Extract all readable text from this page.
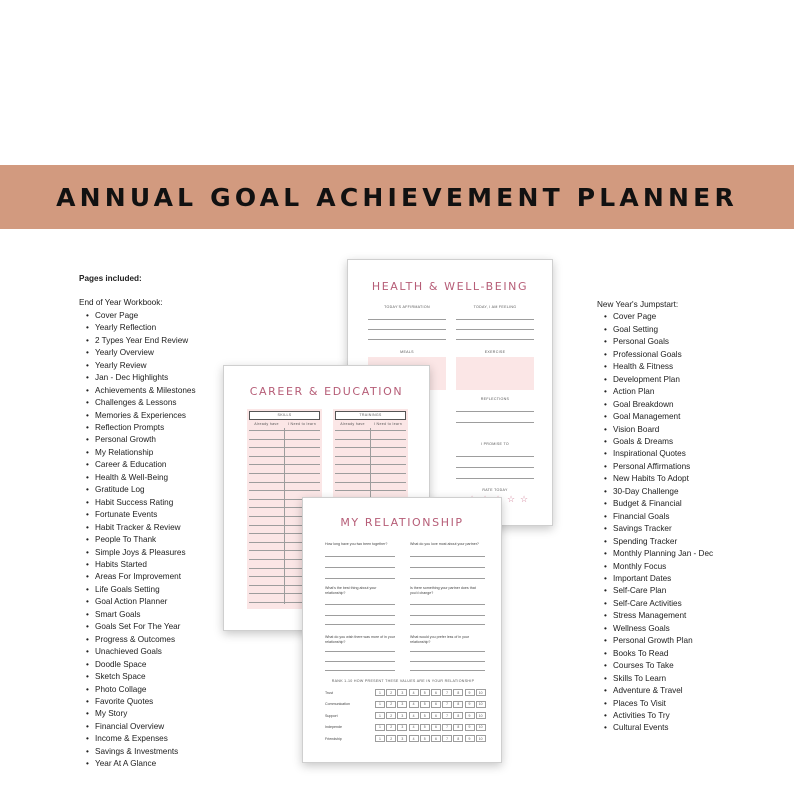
ANNUAL GOAL ACHIEVEMENT PLANNER
Pages included:
End of Year Workbook:
• Cover Page
• Yearly Reflection
• 2 Types Year End Review
• Yearly Overview
• Yearly Review
• Jan - Dec Highlights
• Achievements & Milestones
• Challenges & Lessons
• Memories & Experiences
• Reflection Prompts
• Personal Growth
• My Relationship
• Career & Education
• Health & Well-Being
• Gratitude Log
• Habit Success Rating
• Fortunate Events
• Habit Tracker & Review
• People To Thank
• Simple Joys & Pleasures
• Habits Started
• Areas For Improvement
• Life Goals Setting
• Goal Action Planner
• Smart Goals
• Goals Set For The Year
• Progress & Outcomes
• Unachieved Goals
• Doodle Space
• Sketch Space
• Photo Collage
• Favorite Quotes
• My Story
• Financial Overview
• Income & Expenses
• Savings & Investments
• Year At A Glance
New Year's Jumpstart:
• Cover Page
• Goal Setting
• Personal Goals
• Professional Goals
• Health & Fitness
• Development Plan
• Action Plan
• Goal Breakdown
• Goal Management
• Vision Board
• Goals & Dreams
• Inspirational Quotes
• Personal Affirmations
• New Habits To Adopt
• 30-Day Challenge
• Budget & Financial
• Financial Goals
• Savings Tracker
• Spending Tracker
• Monthly Planning Jan - Dec
• Monthly Focus
• Important Dates
• Self-Care Plan
• Self-Care Activities
• Stress Management
• Wellness Goals
• Personal Growth Plan
• Books To Read
• Courses To Take
• Skills To Learn
• Adventure & Travel
• Places To Visit
• Activities To Try
• Cultural Events
HEALTH & WELL-BEING
TODAY'S AFFIRMATION	TODAY, I AM FEELING
MEALS	EXERCISE
REFLECTIONS
I PROMISE TO
RATE TODAY
☆ ☆
CAREER & EDUCATION
SKILLS	TRAININGS
Already have	I Need to learn	Already have	I Need to learn
MY RELATIONSHIP
How long have you two been together?	What do you love most about your partner?
What's the best thing about your relationship?
Is there something your partner does that you'd change?
What do you wish there was more of in your relationship?
What would you prefer less of in your relationship?
RANK 1-10 HOW PRESENT THESE VALUES ARE IN YOUR RELATIONSHIP
Trust	1	2	3	4	5	6	7	8	9	10
Communication	1	2	3	4	5	6	7	8	9	10
Support	1	2	3	4	5	6	7	8	9	10
Independe	1	2	3	4	5	6	7	8	9	10
Friendship	1	2	3	4	5	6	7	8	9	10
